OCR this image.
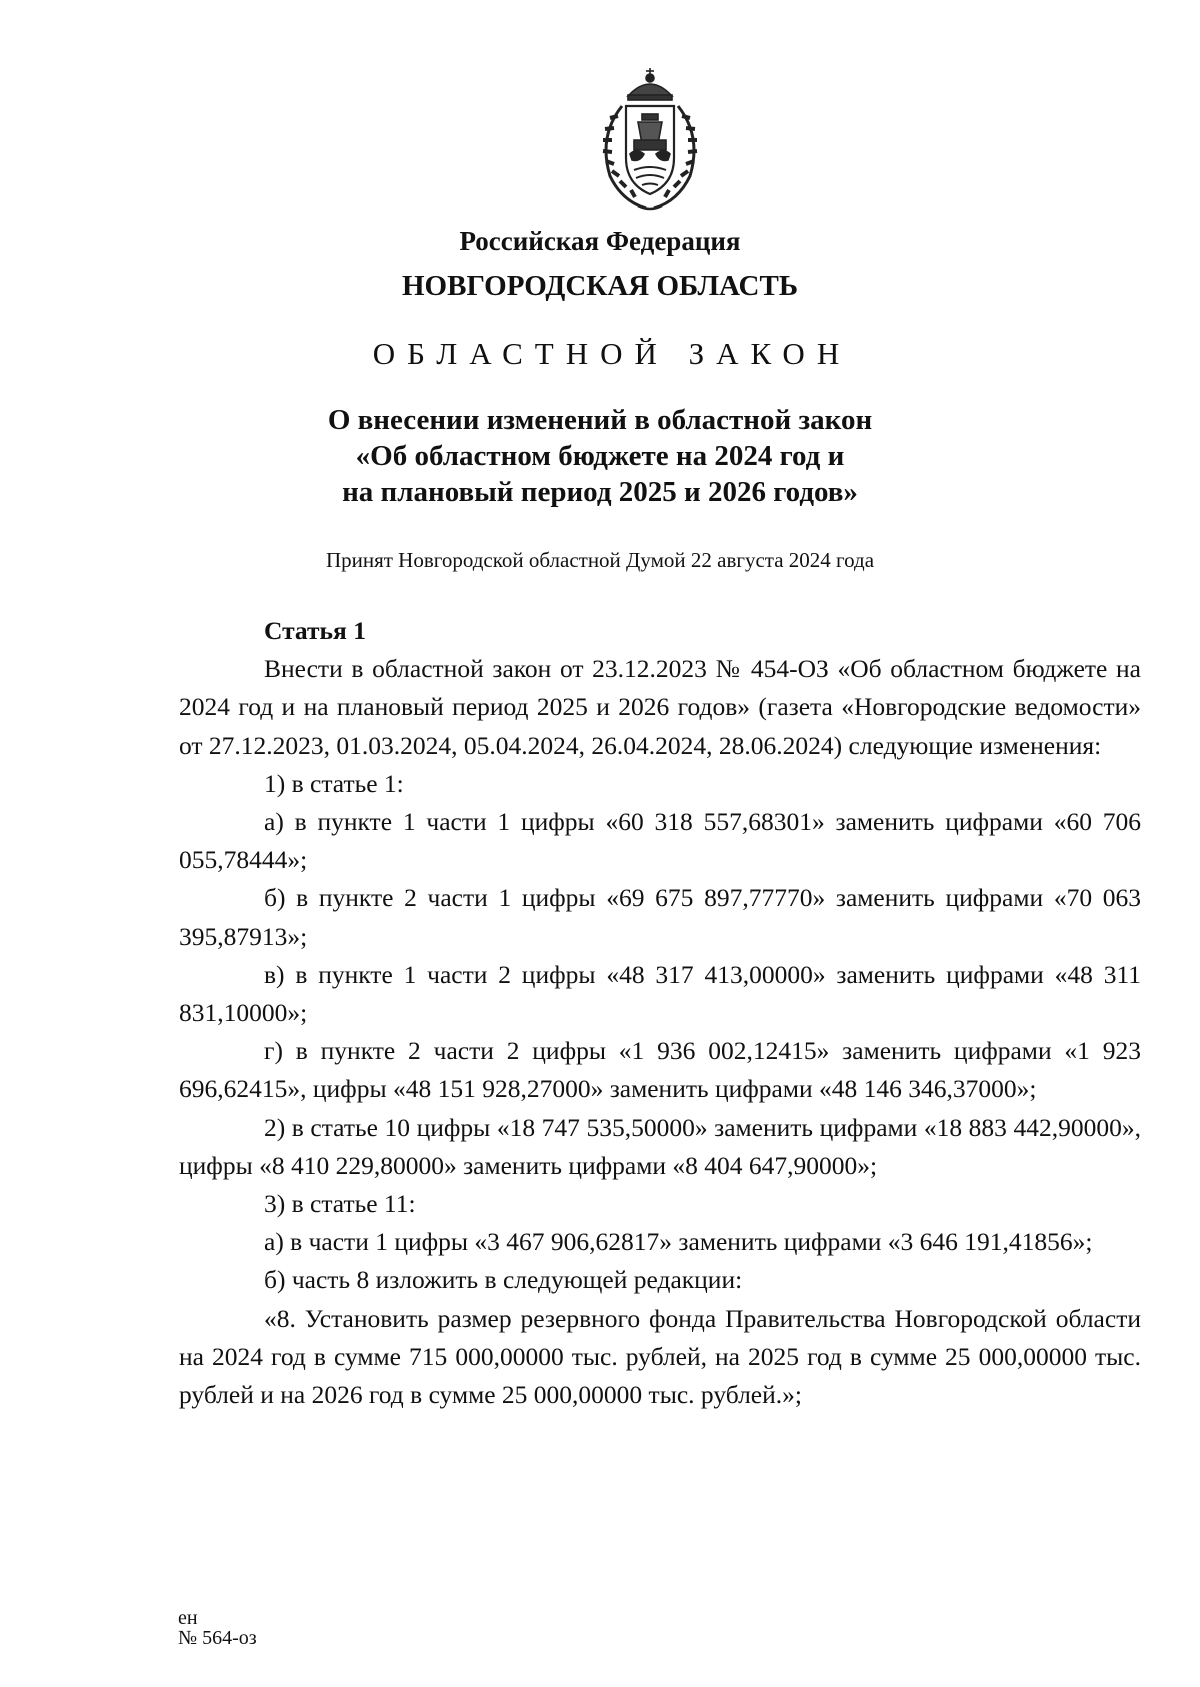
Российская Федерация
НОВГОРОДСКАЯ ОБЛАСТЬ
ОБЛАСТНОЙ ЗАКОН
О внесении изменений в областной закон
«Об областном бюджете на 2024 год и
на плановый период 2025 и 2026 годов»
Принят Новгородской областной Думой 22 августа 2024 года

Статья 1

Внести в областной закон от 23.12.2023 № 454-ОЗ «Об областном бюджете на 2024 год и на плановый период 2025 и 2026 годов» (газета «Новгородские ведомости» от 27.12.2023, 01.03.2024, 05.04.2024, 26.04.2024, 28.06.2024) следующие изменения:

1) в статье 1:

а) в пункте 1 части 1 цифры «60 318 557,68301» заменить цифрами «60 706 055,78444»;

б) в пункте 2 части 1 цифры «69 675 897,77770» заменить цифрами «70 063 395,87913»;

в) в пункте 1 части 2 цифры «48 317 413,00000» заменить цифрами «48 311 831,10000»;

г) в пункте 2 части 2 цифры «1 936 002,12415» заменить цифрами «1 923 696,62415», цифры «48 151 928,27000» заменить цифрами «48 146 346,37000»;

2) в статье 10 цифры «18 747 535,50000» заменить цифрами «18 883 442,90000», цифры «8 410 229,80000» заменить цифрами «8 404 647,90000»;

3) в статье 11:

а) в части 1 цифры «3 467 906,62817» заменить цифрами «3 646 191,41856»;

б) часть 8 изложить в следующей редакции:

«8. Установить размер резервного фонда Правительства Новгородской области на 2024 год в сумме 715 000,00000 тыс. рублей, на 2025 год в сумме 25 000,00000 тыс. рублей и на 2026 год в сумме 25 000,00000 тыс. рублей.»;

ен
№ 564-оз
